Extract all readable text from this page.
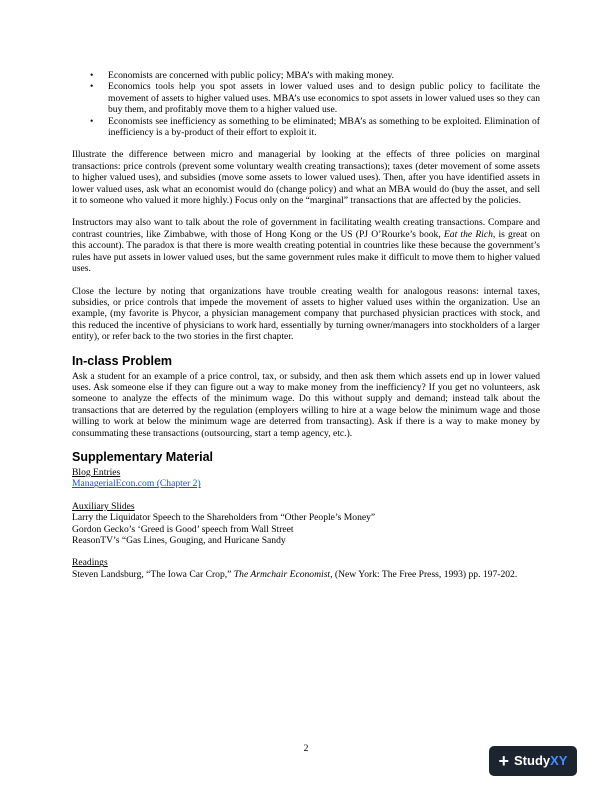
• Economists are concerned with public policy; MBA’s with making money.
• Economics tools help you spot assets in lower valued uses and to design public policy to facilitate the movement of assets to higher valued uses. MBA’s use economics to spot assets in lower valued uses so they can buy them, and profitably move them to a higher valued use.
• Economists see inefficiency as something to be eliminated; MBA’s as something to be exploited. Elimination of inefficiency is a by-product of their effort to exploit it.

Illustrate the difference between micro and managerial by looking at the effects of three policies on marginal transactions: price controls (prevent some voluntary wealth creating transactions); taxes (deter movement of some assets to higher valued uses), and subsidies (move some assets to lower valued uses). Then, after you have identified assets in lower valued uses, ask what an economist would do (change policy) and what an MBA would do (buy the asset, and sell it to someone who valued it more highly.) Focus only on the “marginal” transactions that are affected by the policies.

Instructors may also want to talk about the role of government in facilitating wealth creating transactions. Compare and contrast countries, like Zimbabwe, with those of Hong Kong or the US (PJ O’Rourke’s book, Eat the Rich, is great on this account). The paradox is that there is more wealth creating potential in countries like these because the government’s rules have put assets in lower valued uses, but the same government rules make it difficult to move them to higher valued uses.

Close the lecture by noting that organizations have trouble creating wealth for analogous reasons: internal taxes, subsidies, or price controls that impede the movement of assets to higher valued uses within the organization. Use an example, (my favorite is Phycor, a physician management company that purchased physician practices with stock, and this reduced the incentive of physicians to work hard, essentially by turning owner/managers into stockholders of a larger entity), or refer back to the two stories in the first chapter.

In-class Problem

Ask a student for an example of a price control, tax, or subsidy, and then ask them which assets end up in lower valued uses. Ask someone else if they can figure out a way to make money from the inefficiency? If you get no volunteers, ask someone to analyze the effects of the minimum wage. Do this without supply and demand; instead talk about the transactions that are deterred by the regulation (employers willing to hire at a wage below the minimum wage and those willing to work at below the minimum wage are deterred from transacting). Ask if there is a way to make money by consummating these transactions (outsourcing, start a temp agency, etc.).

Supplementary Material
Blog Entries
ManagerialEcon.com (Chapter 2)
Auxiliary Slides
Larry the Liquidator Speech to the Shareholders from “Other People’s Money”
Gordon Gecko’s ‘Greed is Good’ speech from Wall Street
ReasonTV’s “Gas Lines, Gouging, and Huricane Sandy
Readings
Steven Landsburg, “The Iowa Car Crop,” The Armchair Economist, (New York: The Free Press, 1993) pp. 197-202.
2
+ StudyXY
